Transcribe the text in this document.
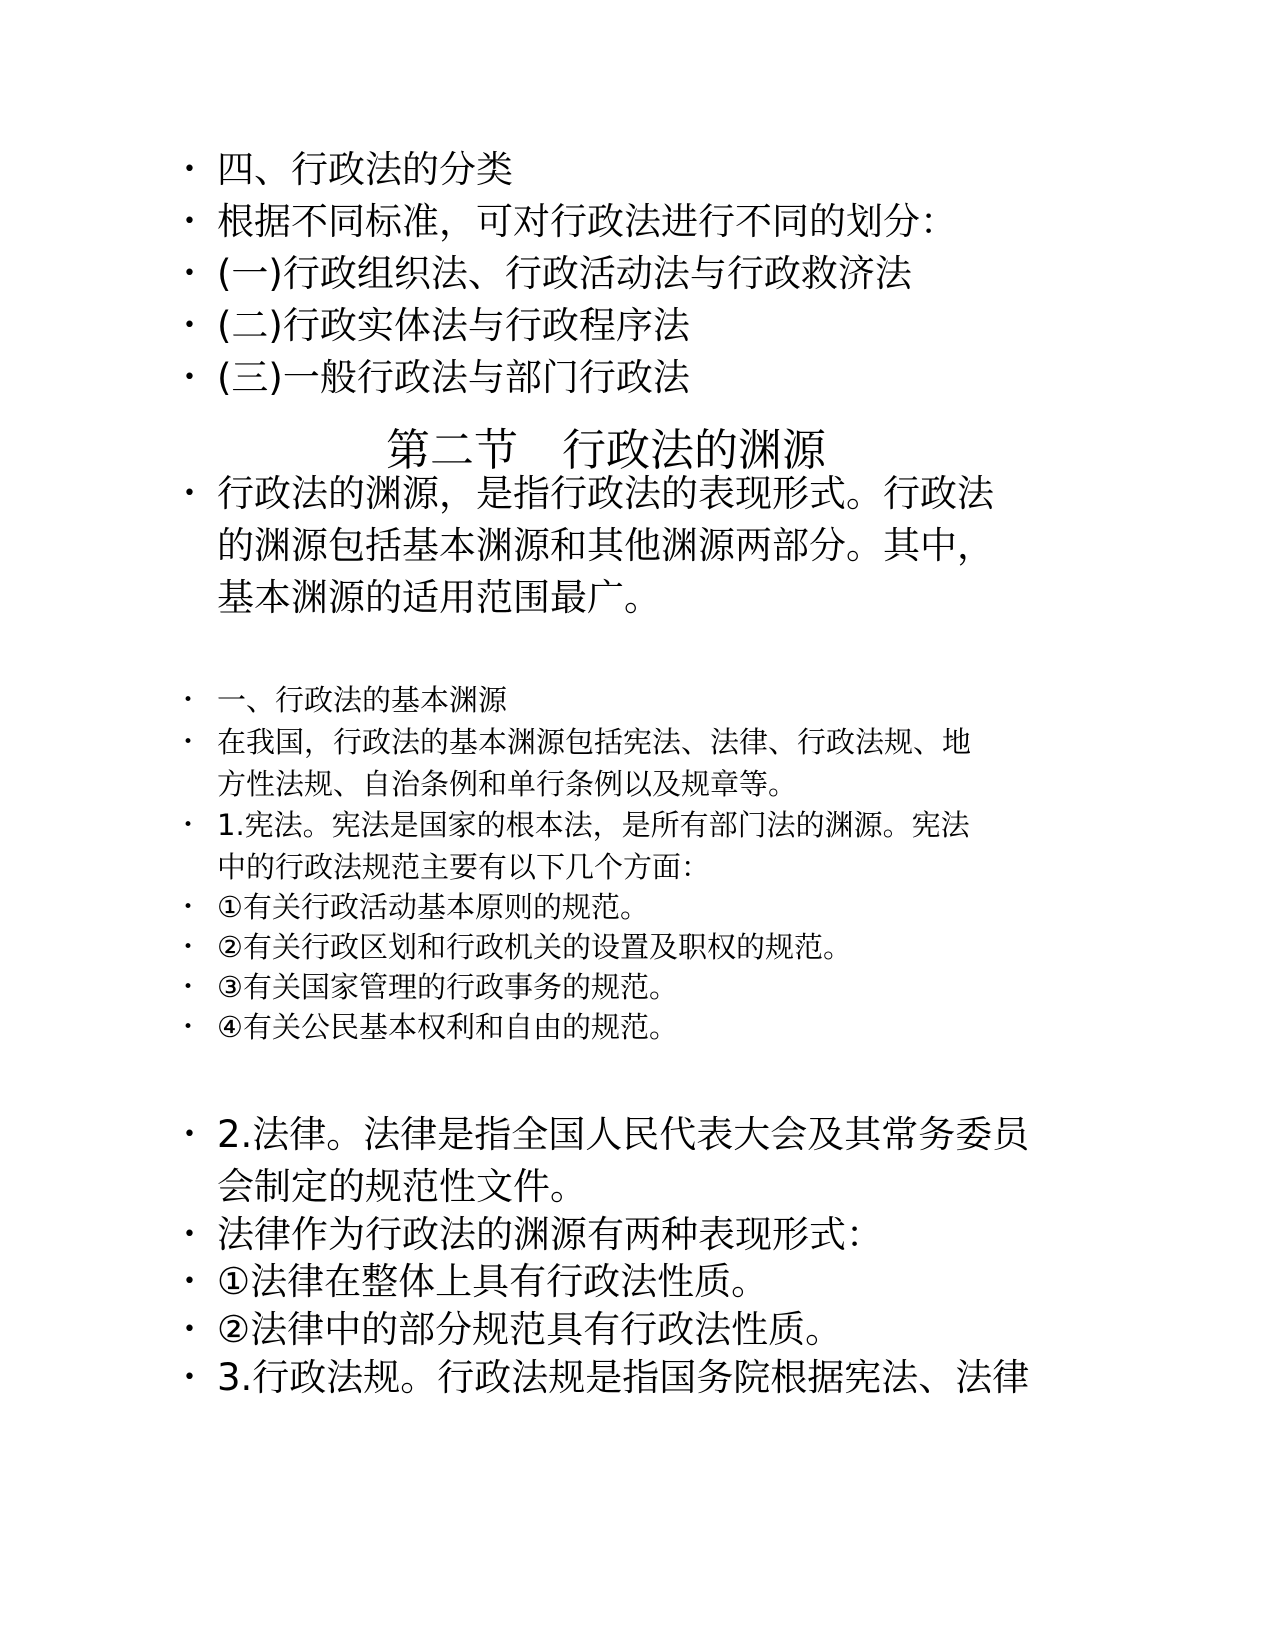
• 四、行政法的分类
• 根据不同标准，可对行政法进行不同的划分：
• (一)行政组织法、行政活动法与行政救济法
• (二)行政实体法与行政程序法
• (三)一般行政法与部门行政法
第二节　行政法的渊源
• 行政法的渊源，是指行政法的表现形式。行政法
的渊源包括基本渊源和其他渊源两部分。其中，
基本渊源的适用范围最广。
• 一、行政法的基本渊源
• 在我国，行政法的基本渊源包括宪法、法律、行政法规、地
方性法规、自治条例和单行条例以及规章等。
• 1.宪法。宪法是国家的根本法，是所有部门法的渊源。宪法
中的行政法规范主要有以下几个方面：
• ①有关行政活动基本原则的规范。
• ②有关行政区划和行政机关的设置及职权的规范。
• ③有关国家管理的行政事务的规范。
• ④有关公民基本权利和自由的规范。
• 2.法律。法律是指全国人民代表大会及其常务委员
会制定的规范性文件。
• 法律作为行政法的渊源有两种表现形式：
• ①法律在整体上具有行政法性质。
• ②法律中的部分规范具有行政法性质。
• 3.行政法规。行政法规是指国务院根据宪法、法律
